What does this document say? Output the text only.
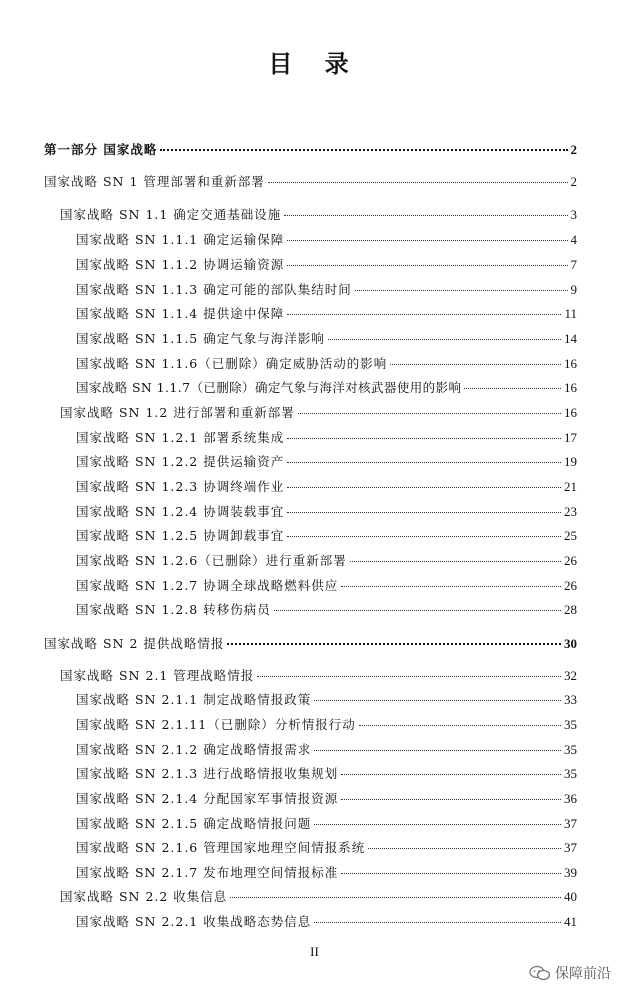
目 录
第一部分 国家战略	2
国家战略 SN 1 管理部署和重新部署	2
国家战略 SN 1.1 确定交通基础设施	3
国家战略 SN 1.1.1 确定运输保障	4
国家战略 SN 1.1.2 协调运输资源	7
国家战略 SN 1.1.3 确定可能的部队集结时间	9
国家战略 SN 1.1.4 提供途中保障	11
国家战略 SN 1.1.5 确定气象与海洋影响	14
国家战略 SN 1.1.6（已删除）确定威胁活动的影响	16
国家战略 SN 1.1.7（已删除）确定气象与海洋对核武器使用的影响	16
国家战略 SN 1.2 进行部署和重新部署	16
国家战略 SN 1.2.1 部署系统集成	17
国家战略 SN 1.2.2 提供运输资产	19
国家战略 SN 1.2.3 协调终端作业	21
国家战略 SN 1.2.4 协调装载事宜	23
国家战略 SN 1.2.5 协调卸载事宜	25
国家战略 SN 1.2.6（已删除）进行重新部署	26
国家战略 SN 1.2.7 协调全球战略燃料供应	26
国家战略 SN 1.2.8 转移伤病员	28
国家战略 SN 2 提供战略情报	30
国家战略 SN 2.1 管理战略情报	32
国家战略 SN 2.1.1 制定战略情报政策	33
国家战略 SN 2.1.11（已删除）分析情报行动	35
国家战略 SN 2.1.2 确定战略情报需求	35
国家战略 SN 2.1.3 进行战略情报收集规划	35
国家战略 SN 2.1.4 分配国家军事情报资源	36
国家战略 SN 2.1.5 确定战略情报问题	37
国家战略 SN 2.1.6 管理国家地理空间情报系统	37
国家战略 SN 2.1.7 发布地理空间情报标准	39
国家战略 SN 2.2 收集信息	40
国家战略 SN 2.2.1 收集战略态势信息	41
II
保障前沿
